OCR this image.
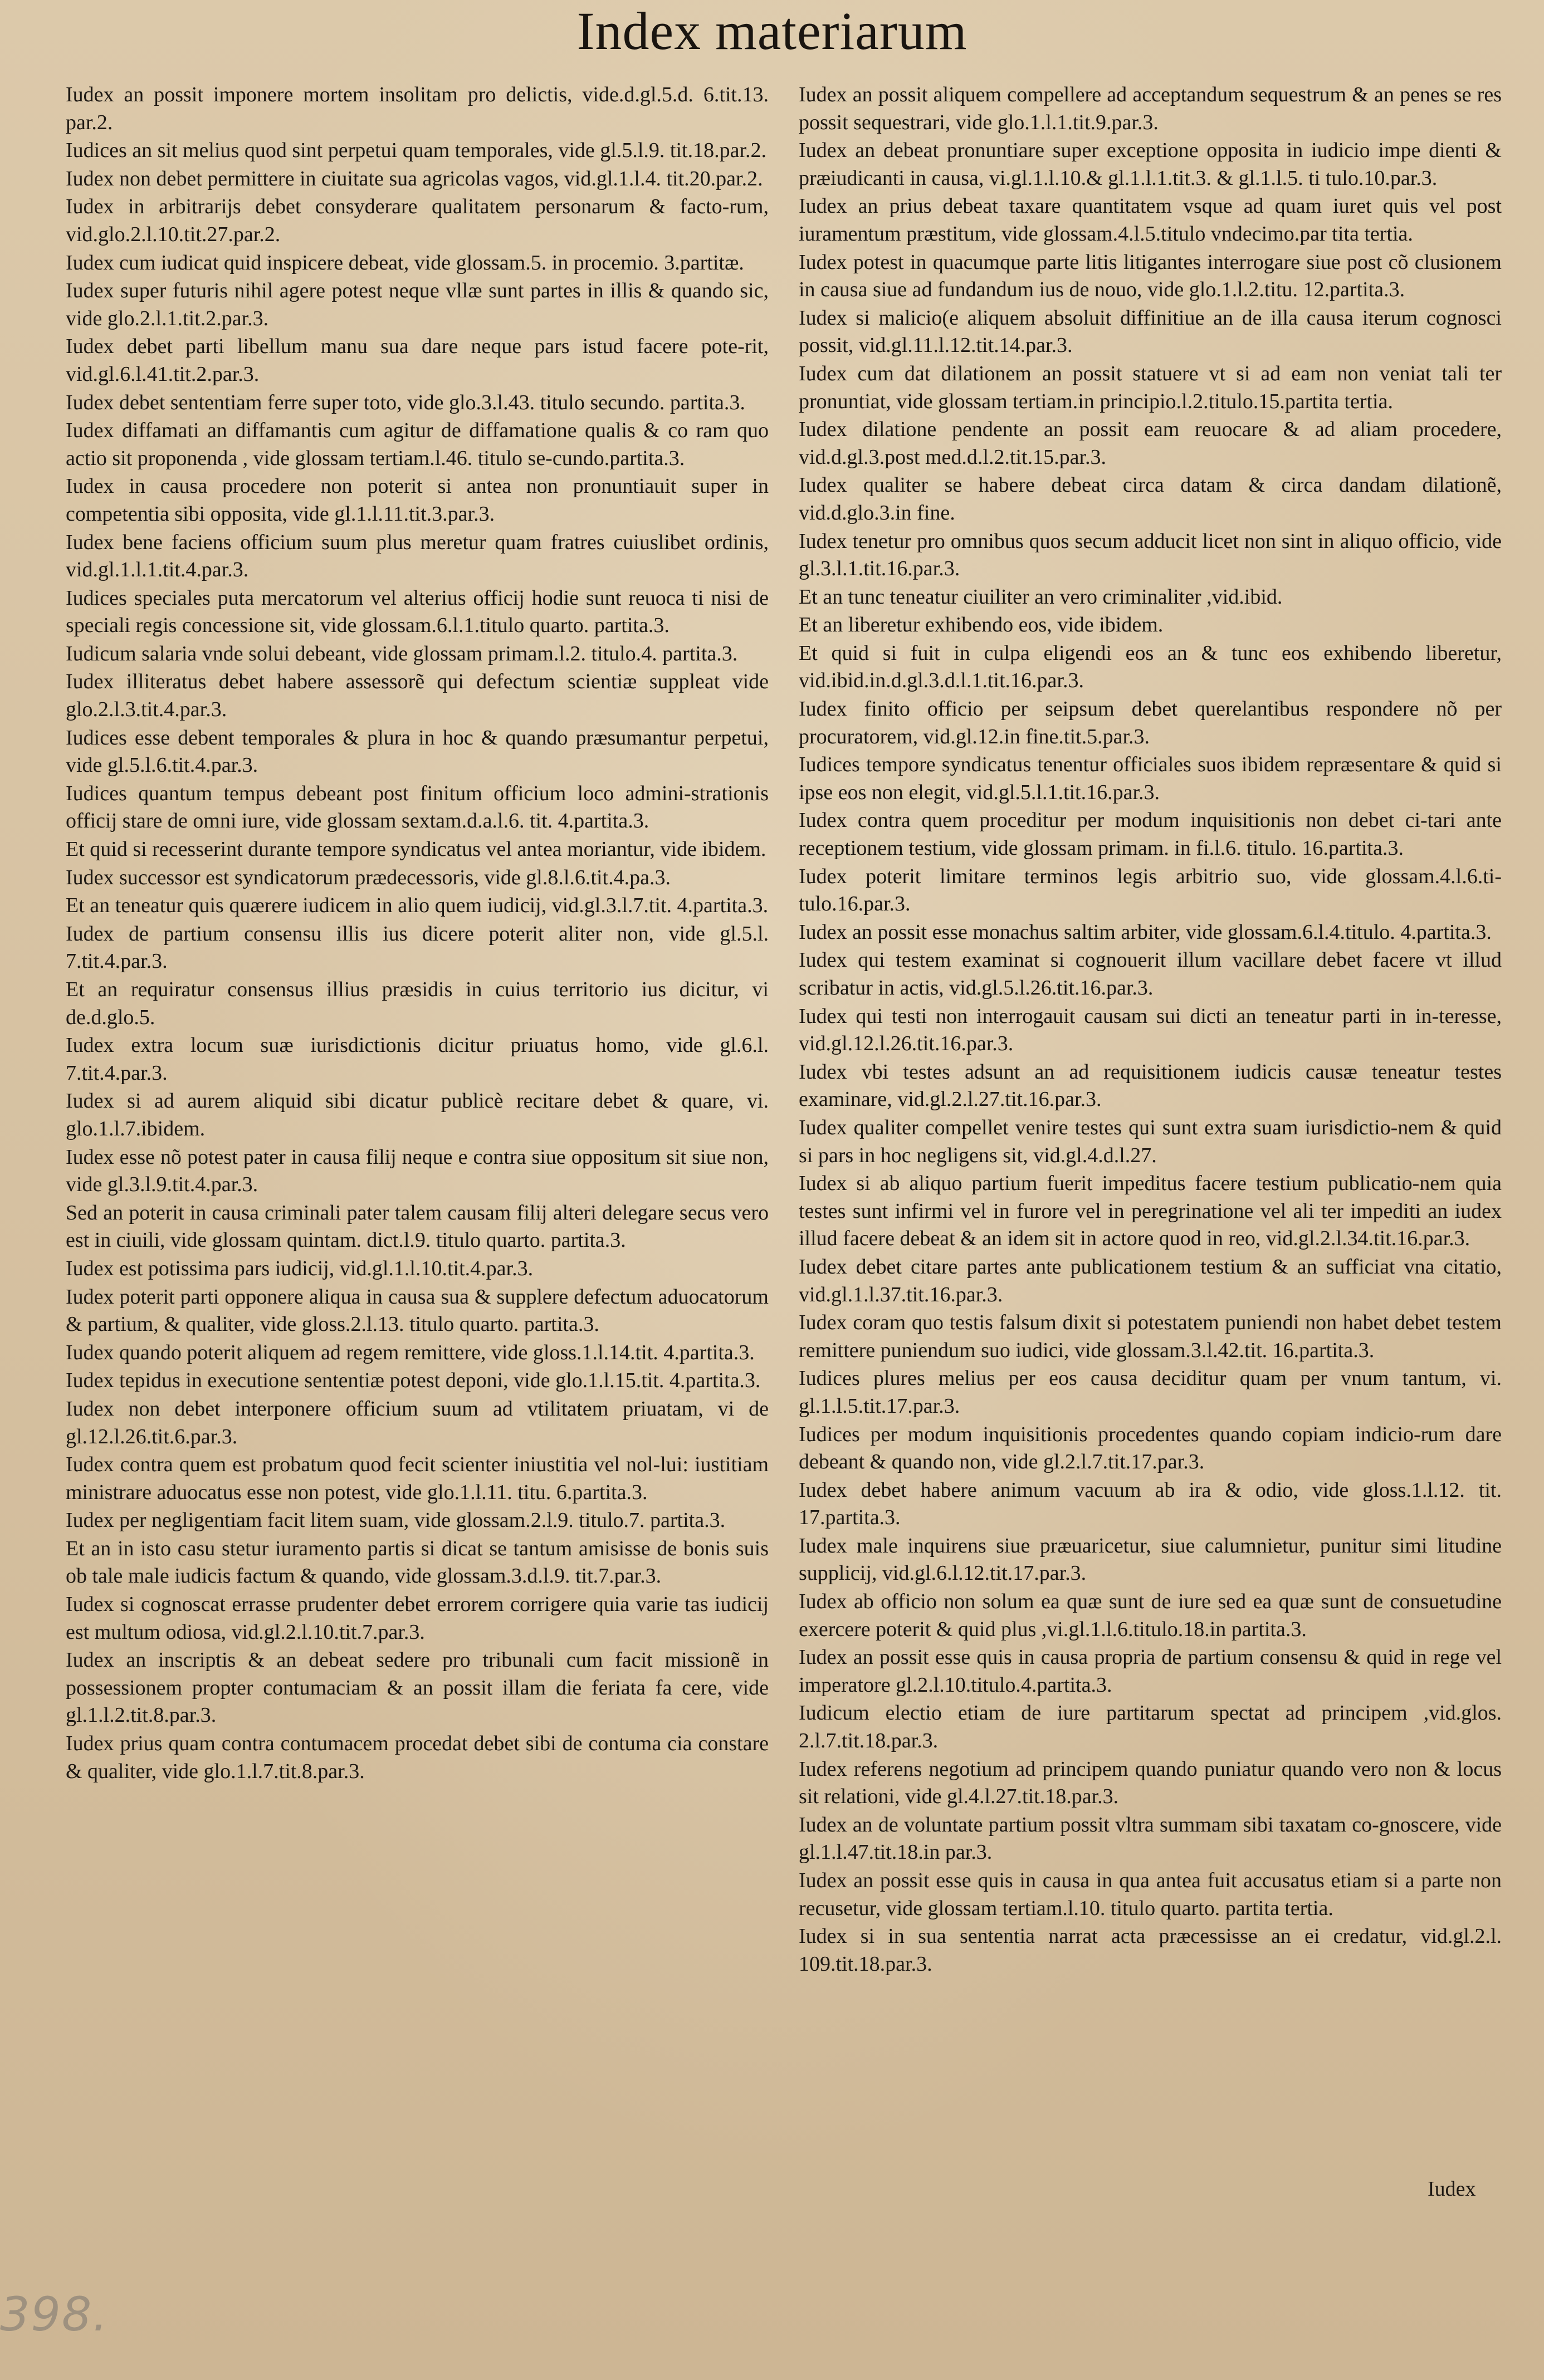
Index materiarum
Iudex an possit imponere mortem insolitam pro delictis, vide.d.gl.5.d. 6.tit.13. par.2.
Iudices an sit melius quod sint perpetui quam temporales, vide gl.5.l.9. tit.18.par.2.
Iudex non debet permittere in ciuitate sua agricolas vagos, vid.gl.1.l.4. tit.20.par.2.
Iudex in arbitrarijs debet consyderare qualitatem personarum & facto-rum, vid.glo.2.l.10.tit.27.par.2.
Iudex cum iudicat quid inspicere debeat, vide glossam.5. in procemio. 3.partitæ.
Iudex super futuris nihil agere potest neque vllæ sunt partes in illis & quando sic, vide glo.2.l.1.tit.2.par.3.
Iudex debet parti libellum manu sua dare neque pars istud facere pote-rit, vid.gl.6.l.41.tit.2.par.3.
Iudex debet sententiam ferre super toto, vide glo.3.l.43. titulo secundo. partita.3.
Iudex diffamati an diffamantis cum agitur de diffamatione qualis & co ram quo actio sit proponenda , vide glossam tertiam.l.46. titulo se-cundo.partita.3.
Iudex in causa procedere non poterit si antea non pronuntiauit super in competentia sibi opposita, vide gl.1.l.11.tit.3.par.3.
Iudex bene faciens officium suum plus meretur quam fratres cuiuslibet ordinis, vid.gl.1.l.1.tit.4.par.3.
Iudices speciales puta mercatorum vel alterius officij hodie sunt reuoca ti nisi de speciali regis concessione sit, vide glossam.6.l.1.titulo quarto. partita.3.
Iudicum salaria vnde solui debeant, vide glossam primam.l.2. titulo.4. partita.3.
Iudex illiteratus debet habere assessorẽ qui defectum scientiæ suppleat vide glo.2.l.3.tit.4.par.3.
Iudices esse debent temporales & plura in hoc & quando præsumantur perpetui, vide gl.5.l.6.tit.4.par.3.
Iudices quantum tempus debeant post finitum officium loco admini-strationis officij stare de omni iure, vide glossam sextam.d.a.l.6. tit. 4.partita.3.
Et quid si recesserint durante tempore syndicatus vel antea moriantur, vide ibidem.
Iudex successor est syndicatorum prædecessoris, vide gl.8.l.6.tit.4.pa.3.
Et an teneatur quis quærere iudicem in alio quem iudicij, vid.gl.3.l.7.tit. 4.partita.3.
Iudex de partium consensu illis ius dicere poterit aliter non, vide gl.5.l. 7.tit.4.par.3.
Et an requiratur consensus illius præsidis in cuius territorio ius dicitur, vi de.d.glo.5.
Iudex extra locum suæ iurisdictionis dicitur priuatus homo, vide gl.6.l. 7.tit.4.par.3.
Iudex si ad aurem aliquid sibi dicatur publicè recitare debet & quare, vi. glo.1.l.7.ibidem.
Iudex esse nõ potest pater in causa filij neque e contra siue oppositum sit siue non, vide gl.3.l.9.tit.4.par.3.
Sed an poterit in causa criminali pater talem causam filij alteri delegare secus vero est in ciuili, vide glossam quintam. dict.l.9. titulo quarto. partita.3.
Iudex est potissima pars iudicij, vid.gl.1.l.10.tit.4.par.3.
Iudex poterit parti opponere aliqua in causa sua & supplere defectum aduocatorum & partium, & qualiter, vide gloss.2.l.13. titulo quarto. partita.3.
Iudex quando poterit aliquem ad regem remittere, vide gloss.1.l.14.tit. 4.partita.3.
Iudex tepidus in executione sententiæ potest deponi, vide glo.1.l.15.tit. 4.partita.3.
Iudex non debet interponere officium suum ad vtilitatem priuatam, vi de gl.12.l.26.tit.6.par.3.
Iudex contra quem est probatum quod fecit scienter iniustitia vel nol-lui: iustitiam ministrare aduocatus esse non potest, vide glo.1.l.11. titu. 6.partita.3.
Iudex per negligentiam facit litem suam, vide glossam.2.l.9. titulo.7. partita.3.
Et an in isto casu stetur iuramento partis si dicat se tantum amisisse de bonis suis ob tale male iudicis factum & quando, vide glossam.3.d.l.9. tit.7.par.3.
Iudex si cognoscat errasse prudenter debet errorem corrigere quia varie tas iudicij est multum odiosa, vid.gl.2.l.10.tit.7.par.3.
Iudex an inscriptis & an debeat sedere pro tribunali cum facit missionẽ in possessionem propter contumaciam & an possit illam die feriata fa cere, vide gl.1.l.2.tit.8.par.3.
Iudex prius quam contra contumacem procedat debet sibi de contuma cia constare & qualiter, vide glo.1.l.7.tit.8.par.3.
Iudex an possit aliquem compellere ad acceptandum sequestrum & an penes se res possit sequestrari, vide glo.1.l.1.tit.9.par.3.
Iudex an debeat pronuntiare super exceptione opposita in iudicio impe dienti & præiudicanti in causa, vi.gl.1.l.10.& gl.1.l.1.tit.3. & gl.1.l.5. ti tulo.10.par.3.
Iudex an prius debeat taxare quantitatem vsque ad quam iuret quis vel post iuramentum præstitum, vide glossam.4.l.5.titulo vndecimo.par tita tertia.
Iudex potest in quacumque parte litis litigantes interrogare siue post cõ clusionem in causa siue ad fundandum ius de nouo, vide glo.1.l.2.titu. 12.partita.3.
Iudex si malicio(e aliquem absoluit diffinitiue an de illa causa iterum cognosci possit, vid.gl.11.l.12.tit.14.par.3.
Iudex cum dat dilationem an possit statuere vt si ad eam non veniat tali ter pronuntiat, vide glossam tertiam.in principio.l.2.titulo.15.partita tertia.
Iudex dilatione pendente an possit eam reuocare & ad aliam procedere, vid.d.gl.3.post med.d.l.2.tit.15.par.3.
Iudex qualiter se habere debeat circa datam & circa dandam dilationẽ, vid.d.glo.3.in fine.
Iudex tenetur pro omnibus quos secum adducit licet non sint in aliquo officio, vide gl.3.l.1.tit.16.par.3.
Et an tunc teneatur ciuiliter an vero criminaliter ,vid.ibid.
Et an liberetur exhibendo eos, vide ibidem.
Et quid si fuit in culpa eligendi eos an & tunc eos exhibendo liberetur, vid.ibid.in.d.gl.3.d.l.1.tit.16.par.3.
Iudex finito officio per seipsum debet querelantibus respondere nõ per procuratorem, vid.gl.12.in fine.tit.5.par.3.
Iudices tempore syndicatus tenentur officiales suos ibidem repræsentare & quid si ipse eos non elegit, vid.gl.5.l.1.tit.16.par.3.
Iudex contra quem proceditur per modum inquisitionis non debet ci-tari ante receptionem testium, vide glossam primam. in fi.l.6. titulo. 16.partita.3.
Iudex poterit limitare terminos legis arbitrio suo, vide glossam.4.l.6.ti-tulo.16.par.3.
Iudex an possit esse monachus saltim arbiter, vide glossam.6.l.4.titulo. 4.partita.3.
Iudex qui testem examinat si cognouerit illum vacillare debet facere vt illud scribatur in actis, vid.gl.5.l.26.tit.16.par.3.
Iudex qui testi non interrogauit causam sui dicti an teneatur parti in in-teresse, vid.gl.12.l.26.tit.16.par.3.
Iudex vbi testes adsunt an ad requisitionem iudicis causæ teneatur testes examinare, vid.gl.2.l.27.tit.16.par.3.
Iudex qualiter compellet venire testes qui sunt extra suam iurisdictio-nem & quid si pars in hoc negligens sit, vid.gl.4.d.l.27.
Iudex si ab aliquo partium fuerit impeditus facere testium publicatio-nem quia testes sunt infirmi vel in furore vel in peregrinatione vel ali ter impediti an iudex illud facere debeat & an idem sit in actore quod in reo, vid.gl.2.l.34.tit.16.par.3.
Iudex debet citare partes ante publicationem testium & an sufficiat vna citatio, vid.gl.1.l.37.tit.16.par.3.
Iudex coram quo testis falsum dixit si potestatem puniendi non habet debet testem remittere puniendum suo iudici, vide glossam.3.l.42.tit. 16.partita.3.
Iudices plures melius per eos causa deciditur quam per vnum tantum, vi. gl.1.l.5.tit.17.par.3.
Iudices per modum inquisitionis procedentes quando copiam indicio-rum dare debeant & quando non, vide gl.2.l.7.tit.17.par.3.
Iudex debet habere animum vacuum ab ira & odio, vide gloss.1.l.12. tit. 17.partita.3.
Iudex male inquirens siue præuaricetur, siue calumnietur, punitur simi litudine supplicij, vid.gl.6.l.12.tit.17.par.3.
Iudex ab officio non solum ea quæ sunt de iure sed ea quæ sunt de consuetudine exercere poterit & quid plus ,vi.gl.1.l.6.titulo.18.in partita.3.
Iudex an possit esse quis in causa propria de partium consensu & quid in rege vel imperatore gl.2.l.10.titulo.4.partita.3.
Iudicum electio etiam de iure partitarum spectat ad principem ,vid.glos. 2.l.7.tit.18.par.3.
Iudex referens negotium ad principem quando puniatur quando vero non & locus sit relationi, vide gl.4.l.27.tit.18.par.3.
Iudex an de voluntate partium possit vltra summam sibi taxatam co-gnoscere, vide gl.1.l.47.tit.18.in par.3.
Iudex an possit esse quis in causa in qua antea fuit accusatus etiam si a parte non recusetur, vide glossam tertiam.l.10. titulo quarto. partita tertia.
Iudex si in sua sententia narrat acta præcessisse an ei credatur, vid.gl.2.l. 109.tit.18.par.3.
Iudex
398.
